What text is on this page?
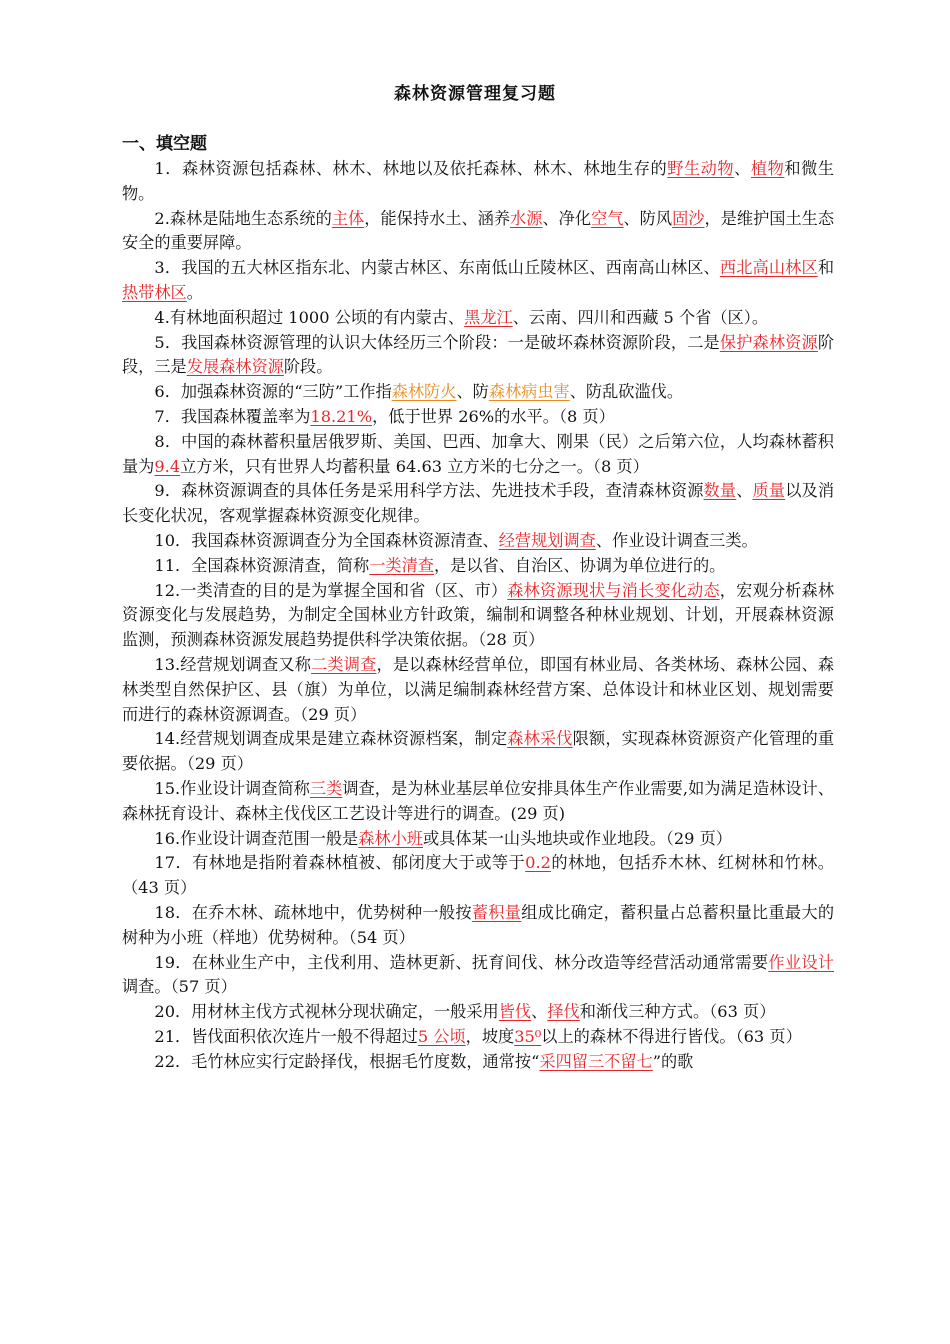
森林资源管理复习题
一、填空题

1．森林资源包括森林、林木、林地以及依托森林、林木、林地生存的野生动物、植物和微生物。

2.森林是陆地生态系统的主体，能保持水土、涵养水源、净化空气、防风固沙，是维护国土生态安全的重要屏障。

3．我国的五大林区指东北、内蒙古林区、东南低山丘陵林区、西南高山林区、西北高山林区和热带林区。

4.有林地面积超过 1000 公顷的有内蒙古、黑龙江、云南、四川和西藏 5 个省（区）。

5．我国森林资源管理的认识大体经历三个阶段：一是破坏森林资源阶段，二是保护森林资源阶段，三是发展森林资源阶段。

6．加强森林资源的“三防”工作指森林防火、防森林病虫害、防乱砍滥伐。

7．我国森林覆盖率为18.21%，低于世界 26%的水平。（8 页）

8．中国的森林蓄积量居俄罗斯、美国、巴西、加拿大、刚果（民）之后第六位，人均森林蓄积量为9.4立方米，只有世界人均蓄积量 64.63 立方米的七分之一。（8 页）

9．森林资源调查的具体任务是采用科学方法、先进技术手段，查清森林资源数量、质量以及消长变化状况，客观掌握森林资源变化规律。

10．我国森林资源调查分为全国森林资源清查、经营规划调查、作业设计调查三类。

11．全国森林资源清查，简称一类清查，是以省、自治区、协调为单位进行的。

12.一类清查的目的是为掌握全国和省（区、市）森林资源现状与消长变化动态，宏观分析森林资源变化与发展趋势，为制定全国林业方针政策，编制和调整各种林业规划、计划，开展森林资源监测，预测森林资源发展趋势提供科学决策依据。（28 页）

13.经营规划调查又称二类调查，是以森林经营单位，即国有林业局、各类林场、森林公园、森林类型自然保护区、县（旗）为单位，以满足编制森林经营方案、总体设计和林业区划、规划需要而进行的森林资源调查。（29 页）

14.经营规划调查成果是建立森林资源档案，制定森林采伐限额，实现森林资源资产化管理的重要依据。（29 页）

15.作业设计调查简称三类调查，是为林业基层单位安排具体生产作业需要,如为满足造林设计、森林抚育设计、森林主伐伐区工艺设计等进行的调查。(29 页)

16.作业设计调查范围一般是森林小班或具体某一山头地块或作业地段。（29 页）

17．有林地是指附着森林植被、郁闭度大于或等于0.2的林地，包括乔木林、红树林和竹林。（43 页）

18．在乔木林、疏林地中，优势树种一般按蓄积量组成比确定，蓄积量占总蓄积量比重最大的树种为小班（样地）优势树种。（54 页）

19．在林业生产中，主伐利用、造林更新、抚育间伐、林分改造等经营活动通常需要作业设计调查。（57 页）

20．用材林主伐方式视林分现状确定，一般采用皆伐、择伐和渐伐三种方式。（63 页）

21．皆伐面积依次连片一般不得超过5 公顷，坡度35⁰以上的森林不得进行皆伐。（63 页）

22．毛竹林应实行定龄择伐，根据毛竹度数，通常按“采四留三不留七”的歌
